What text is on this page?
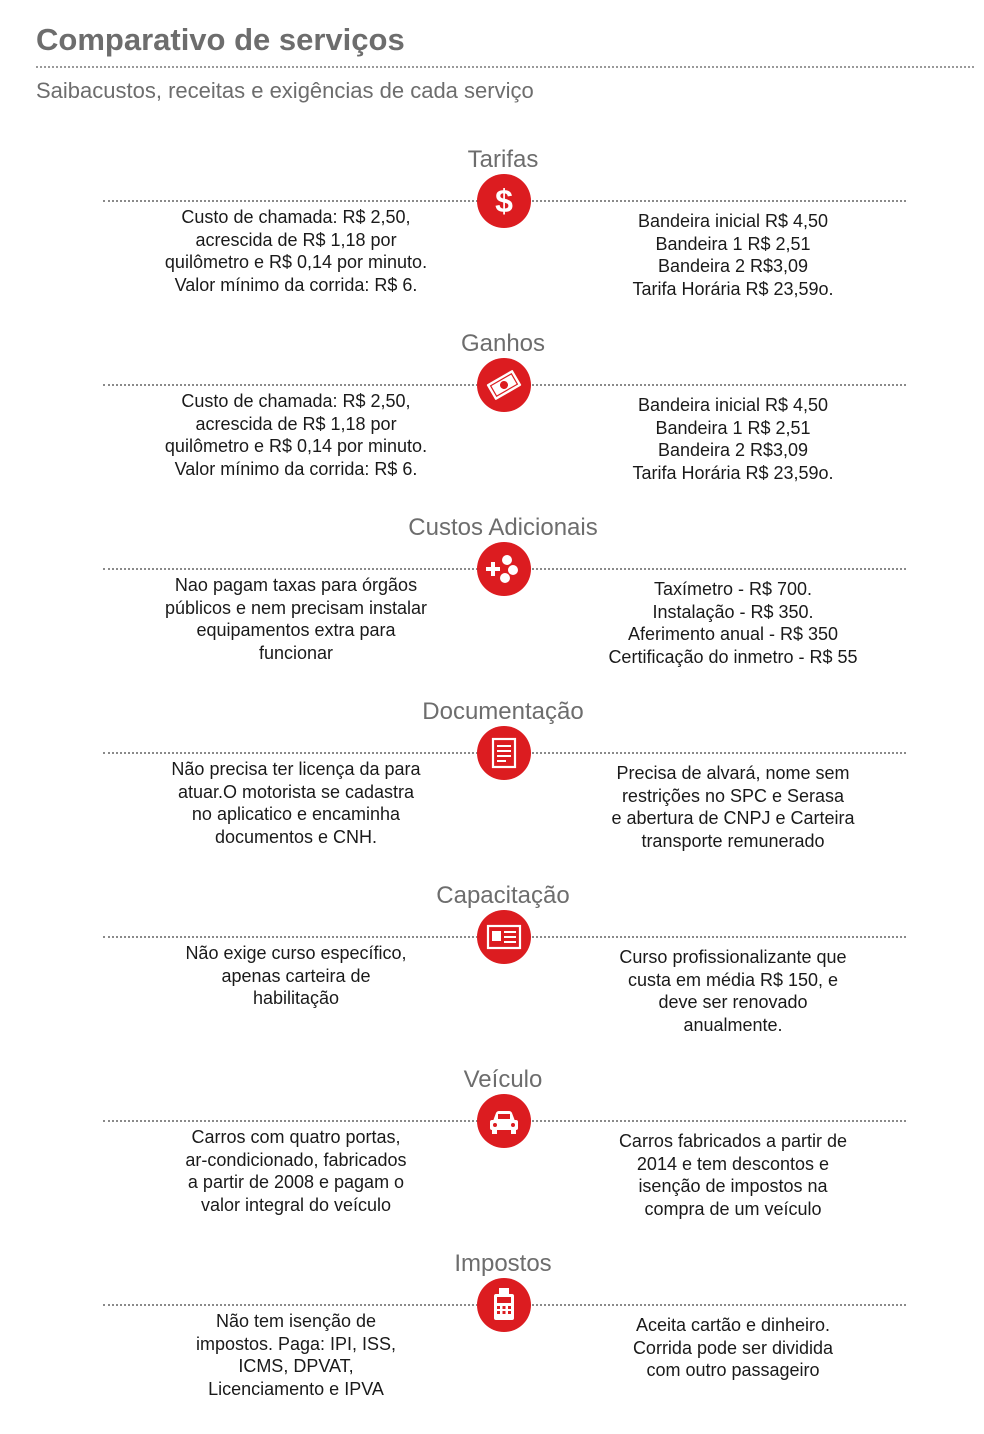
Comparativo de serviços
Saibacustos, receitas e exigências de cada serviço
Tarifas
$
Custo de chamada: R$ 2,50,
acrescida de R$ 1,18 por
quilômetro e R$ 0,14 por minuto.
Valor mínimo da corrida: R$ 6.
Bandeira inicial R$ 4,50
Bandeira 1 R$ 2,51
Bandeira 2 R$3,09
Tarifa Horária R$ 23,59o.
Ganhos
Custo de chamada: R$ 2,50,
acrescida de R$ 1,18 por
quilômetro e R$ 0,14 por minuto.
Valor mínimo da corrida: R$ 6.
Bandeira inicial R$ 4,50
Bandeira 1 R$ 2,51
Bandeira 2 R$3,09
Tarifa Horária R$ 23,59o.
Custos Adicionais
Nao pagam taxas para órgãos
públicos e nem precisam instalar
equipamentos extra para
funcionar
Taxímetro - R$ 700.
Instalação - R$ 350.
Aferimento anual - R$ 350
Certificação do inmetro - R$ 55
Documentação
Não precisa ter licença da para
atuar.O motorista se cadastra
no aplicatico e encaminha
documentos e CNH.
Precisa de alvará, nome sem
restrições no SPC e Serasa
e abertura de CNPJ e Carteira
transporte remunerado
Capacitação
Não exige curso específico,
apenas carteira de
habilitação
Curso profissionalizante que
custa em média R$ 150, e
deve ser renovado
anualmente.
Veículo
Carros com quatro portas,
ar-condicionado, fabricados
a partir de 2008 e pagam o
valor integral do veículo
Carros fabricados a partir de
2014 e tem descontos e
isenção de impostos na
compra de um veículo
Impostos
Não tem isenção de
impostos. Paga: IPI, ISS,
ICMS, DPVAT,
Licenciamento e IPVA
Aceita cartão e dinheiro.
Corrida pode ser dividida
com outro passageiro
